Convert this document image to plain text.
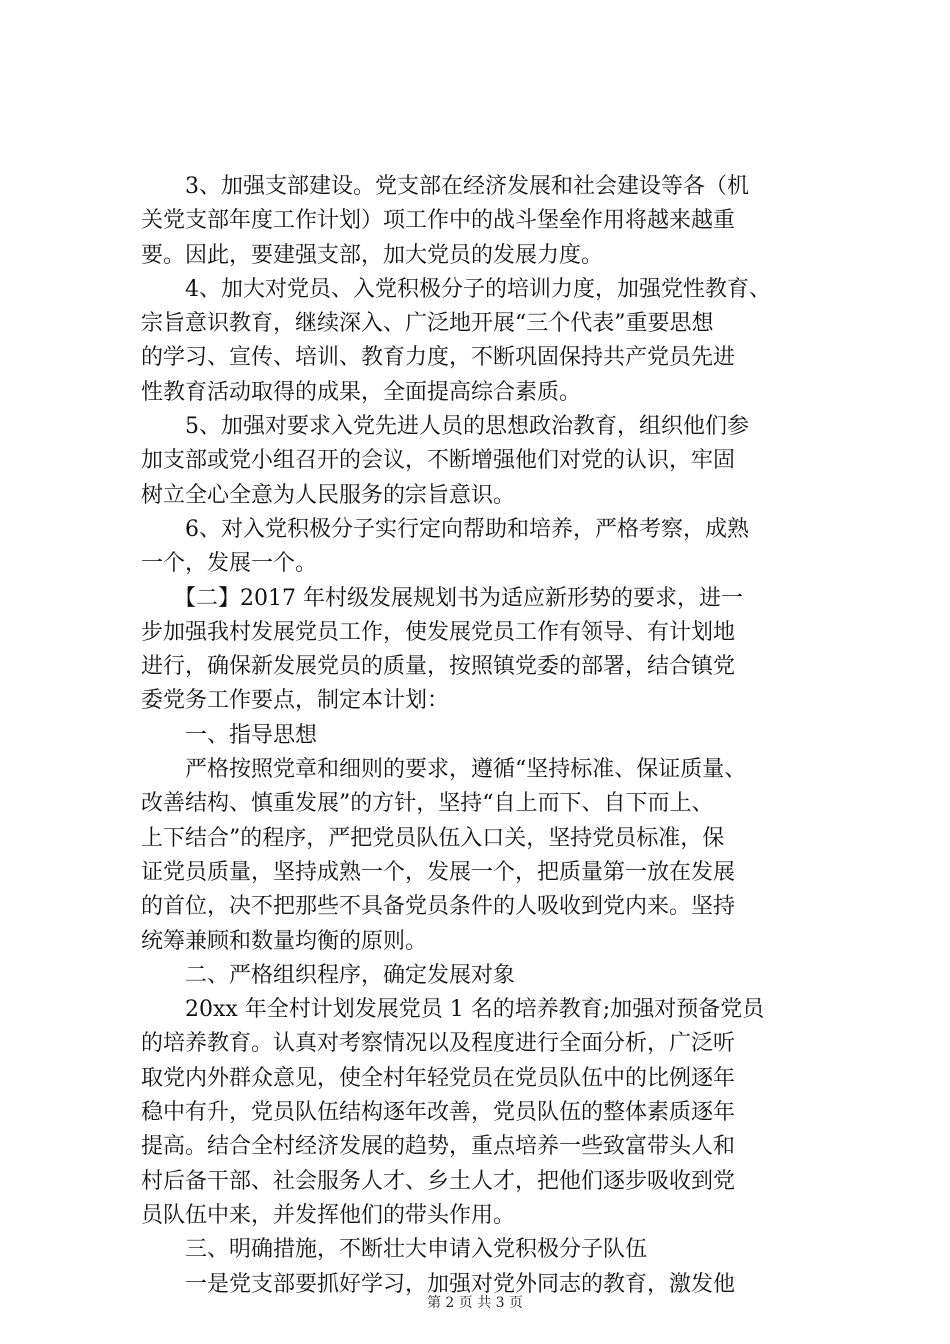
　　3、加强支部建设。党支部在经济发展和社会建设等各（机
关党支部年度工作计划）项工作中的战斗堡垒作用将越来越重
要。因此，要建强支部，加大党员的发展力度。
　　4、加大对党员、入党积极分子的培训力度，加强党性教育、
宗旨意识教育，继续深入、广泛地开展“三个代表”重要思想
的学习、宣传、培训、教育力度，不断巩固保持共产党员先进
性教育活动取得的成果，全面提高综合素质。
　　5、加强对要求入党先进人员的思想政治教育，组织他们参
加支部或党小组召开的会议，不断增强他们对党的认识，牢固
树立全心全意为人民服务的宗旨意识。
　　6、对入党积极分子实行定向帮助和培养，严格考察，成熟
一个，发展一个。
　　【二】2017 年村级发展规划书为适应新形势的要求，进一
步加强我村发展党员工作，使发展党员工作有领导、有计划地
进行，确保新发展党员的质量，按照镇党委的部署，结合镇党
委党务工作要点，制定本计划：
　　一、指导思想
　　严格按照党章和细则的要求，遵循“坚持标准、保证质量、
改善结构、慎重发展”的方针，坚持“自上而下、自下而上、
上下结合”的程序，严把党员队伍入口关，坚持党员标准，保
证党员质量，坚持成熟一个，发展一个，把质量第一放在发展
的首位，决不把那些不具备党员条件的人吸收到党内来。坚持
统筹兼顾和数量均衡的原则。
　　二、严格组织程序，确定发展对象
　　20xx 年全村计划发展党员 1 名的培养教育;加强对预备党员
的培养教育。认真对考察情况以及程度进行全面分析，广泛听
取党内外群众意见，使全村年轻党员在党员队伍中的比例逐年
稳中有升，党员队伍结构逐年改善，党员队伍的整体素质逐年
提高。结合全村经济发展的趋势，重点培养一些致富带头人和
村后备干部、社会服务人才、乡土人才，把他们逐步吸收到党
员队伍中来，并发挥他们的带头作用。
　　三、明确措施，不断壮大申请入党积极分子队伍
　　一是党支部要抓好学习，加强对党外同志的教育，激发他
第 2 页 共 3 页
